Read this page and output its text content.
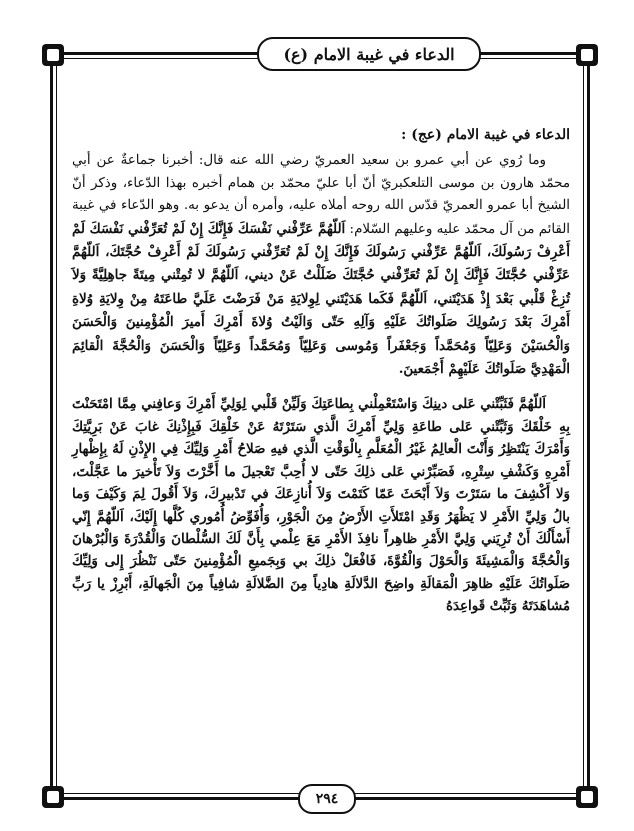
الدعاء في غيبة الامام (ع)
٢٩٤

الدعاء في غيبة الامام (عج) :

وما رُوي عن أبي عمرو بن سعيد العمريّ رضي الله عنه قال: أخبرنا جماعةٌ عن أبي محمّد هارون بن موسى التلعكبريّ أنّ أبا عليّ محمّد بن همام أخبره بهذا الدّعاء، وذكر أنّ الشيخ أبا عمرو العمريّ قدّس الله روحه أملاه عليه، وأمره أن يدعو به. وهو الدّعاء في غيبة القائم من آل محمّد عليه وعليهم السّلام: اَللّهُمَّ عَرِّفْني نَفْسَكَ فَإِنَّكَ إِنْ لَمْ تُعَرِّفْني نَفْسَكَ لَمْ أَعْرِفْ رَسُولَكَ، اَللّهُمَّ عَرِّفْني رَسُولَكَ فَإِنَّكَ إِنْ لَمْ تُعَرِّفْني رَسُولَكَ لَمْ أَعْرِفْ حُجَّتَكَ، اَللّهُمَّ عَرِّفْني حُجَّتَكَ فَإِنَّكَ إِنْ لَمْ تُعَرِّفْني حُجَّتَكَ ضَلَلْتُ عَنْ ديني، اَللّهُمَّ لا تُمِتْني مِيتَةً جاهِلِيَّةً وَلاَ تُزِغْ قَلْبي بَعْدَ إِذْ هَدَيْتَني، اَللّهُمَّ فَكَما هَدَيْتَني لِوِلايَةِ مَنْ فَرَضْتَ عَلَيَّ طاعَتَهُ مِنْ وِلايَةِ وُلاةِ أَمْرِكَ بَعْدَ رَسُولِكَ صَلَواتُكَ عَلَيْهِ وَآلِهِ حَتّى وَالَيْتُ وُلاةَ أَمْرِكَ أَميرَ الْمُؤْمِنينَ وَالْحَسَنَ وَالْحُسَيْنَ وَعَلِيّاً وَمُحَمَّداً وَجَعْفَراً وَمُوسى وَعَلِيّاً وَمُحَمَّداً وَعَلِيّاً وَالْحَسَنَ وَالْحُجَّةَ الْقائِمَ الْمَهْدِيَّ صَلَواتُكَ عَلَيْهِمْ أَجْمَعينَ.

اَللّهُمَّ فَثَبِّتْني عَلى دينِكَ وَاسْتَعْمِلْني بِطاعَتِكَ وَلَيِّنْ قَلْبي لِوَلِيِّ أَمْرِكَ وَعافِني مِمَّا امْتَحَنْتَ بِهِ خَلْقَكَ وَثَبِّتْني عَلى طاعَةِ وَلِيِّ أَمْرِكَ الَّذي سَتَرْتَهُ عَنْ خَلْقِكَ فَبِإِذْنِكَ غابَ عَنْ بَرِيَّتِكَ وَأَمْرَكَ يَنْتَظِرُ وَأَنْتَ الْعالِمُ غَيْرُ الْمُعَلَّمِ بِالْوَقْتِ الَّذي فيهِ صَلاحُ أَمْرِ وَلِيِّكَ فِي الإِذْنِ لَهُ بِإِظْهارِ أَمْرِهِ وَكَشْفِ سِتْرِهِ، فَصَبِّرْني عَلى ذلِكَ حَتّى لا أُحِبَّ تَعْجيلَ ما أَخَّرْتَ وَلاَ تَأْخيرَ ما عَجَّلْتَ، وَلا أَكْشِفَ ما سَتَرْتَ وَلاَ أَبْحَثَ عَمّا كَتَمْتَ وَلاَ أُنازِعَكَ في تَدْبيرِكَ، وَلاَ أَقُولَ لِمَ وَكَيْفَ وَما بالُ وَلِيِّ الأَمْرِ لا يَظْهَرُ وَقَدِ امْتَلأَتِ الأَرْضُ مِنَ الْجَوْرِ، وَأُفَوِّضُ أُمُوري كُلَّها إِلَيْكَ، اَللّهُمَّ إِنّي أَسْأَلُكَ أَنْ تُرِيَني وَلِيَّ الأَمْرِ ظاهِراً نافِذَ الأَمْرِ مَعَ عِلْمي بِأَنَّ لَكَ السُّلْطانَ وَالْقُدْرَةَ وَالْبُرْهانَ وَالْحُجَّةَ وَالْمَشِيئَةَ وَالْحَوْلَ وَالْقُوَّةَ، فَافْعَلْ ذلِكَ بي وَبِجَميعِ الْمُؤْمِنينَ حَتّى نَنْظُرَ إِلى وَلِيِّكَ صَلَواتُكَ عَلَيْهِ ظاهِرَ الْمَقالَةِ واضِحَ الدَّلالَةِ هادِياً مِنَ الضَّلالَةِ شافِياً مِنَ الْجَهالَةِ، أَبْرِزْ يا رَبِّ مُشاهَدَتَهُ وَثَبِّتْ قَواعِدَهُ
